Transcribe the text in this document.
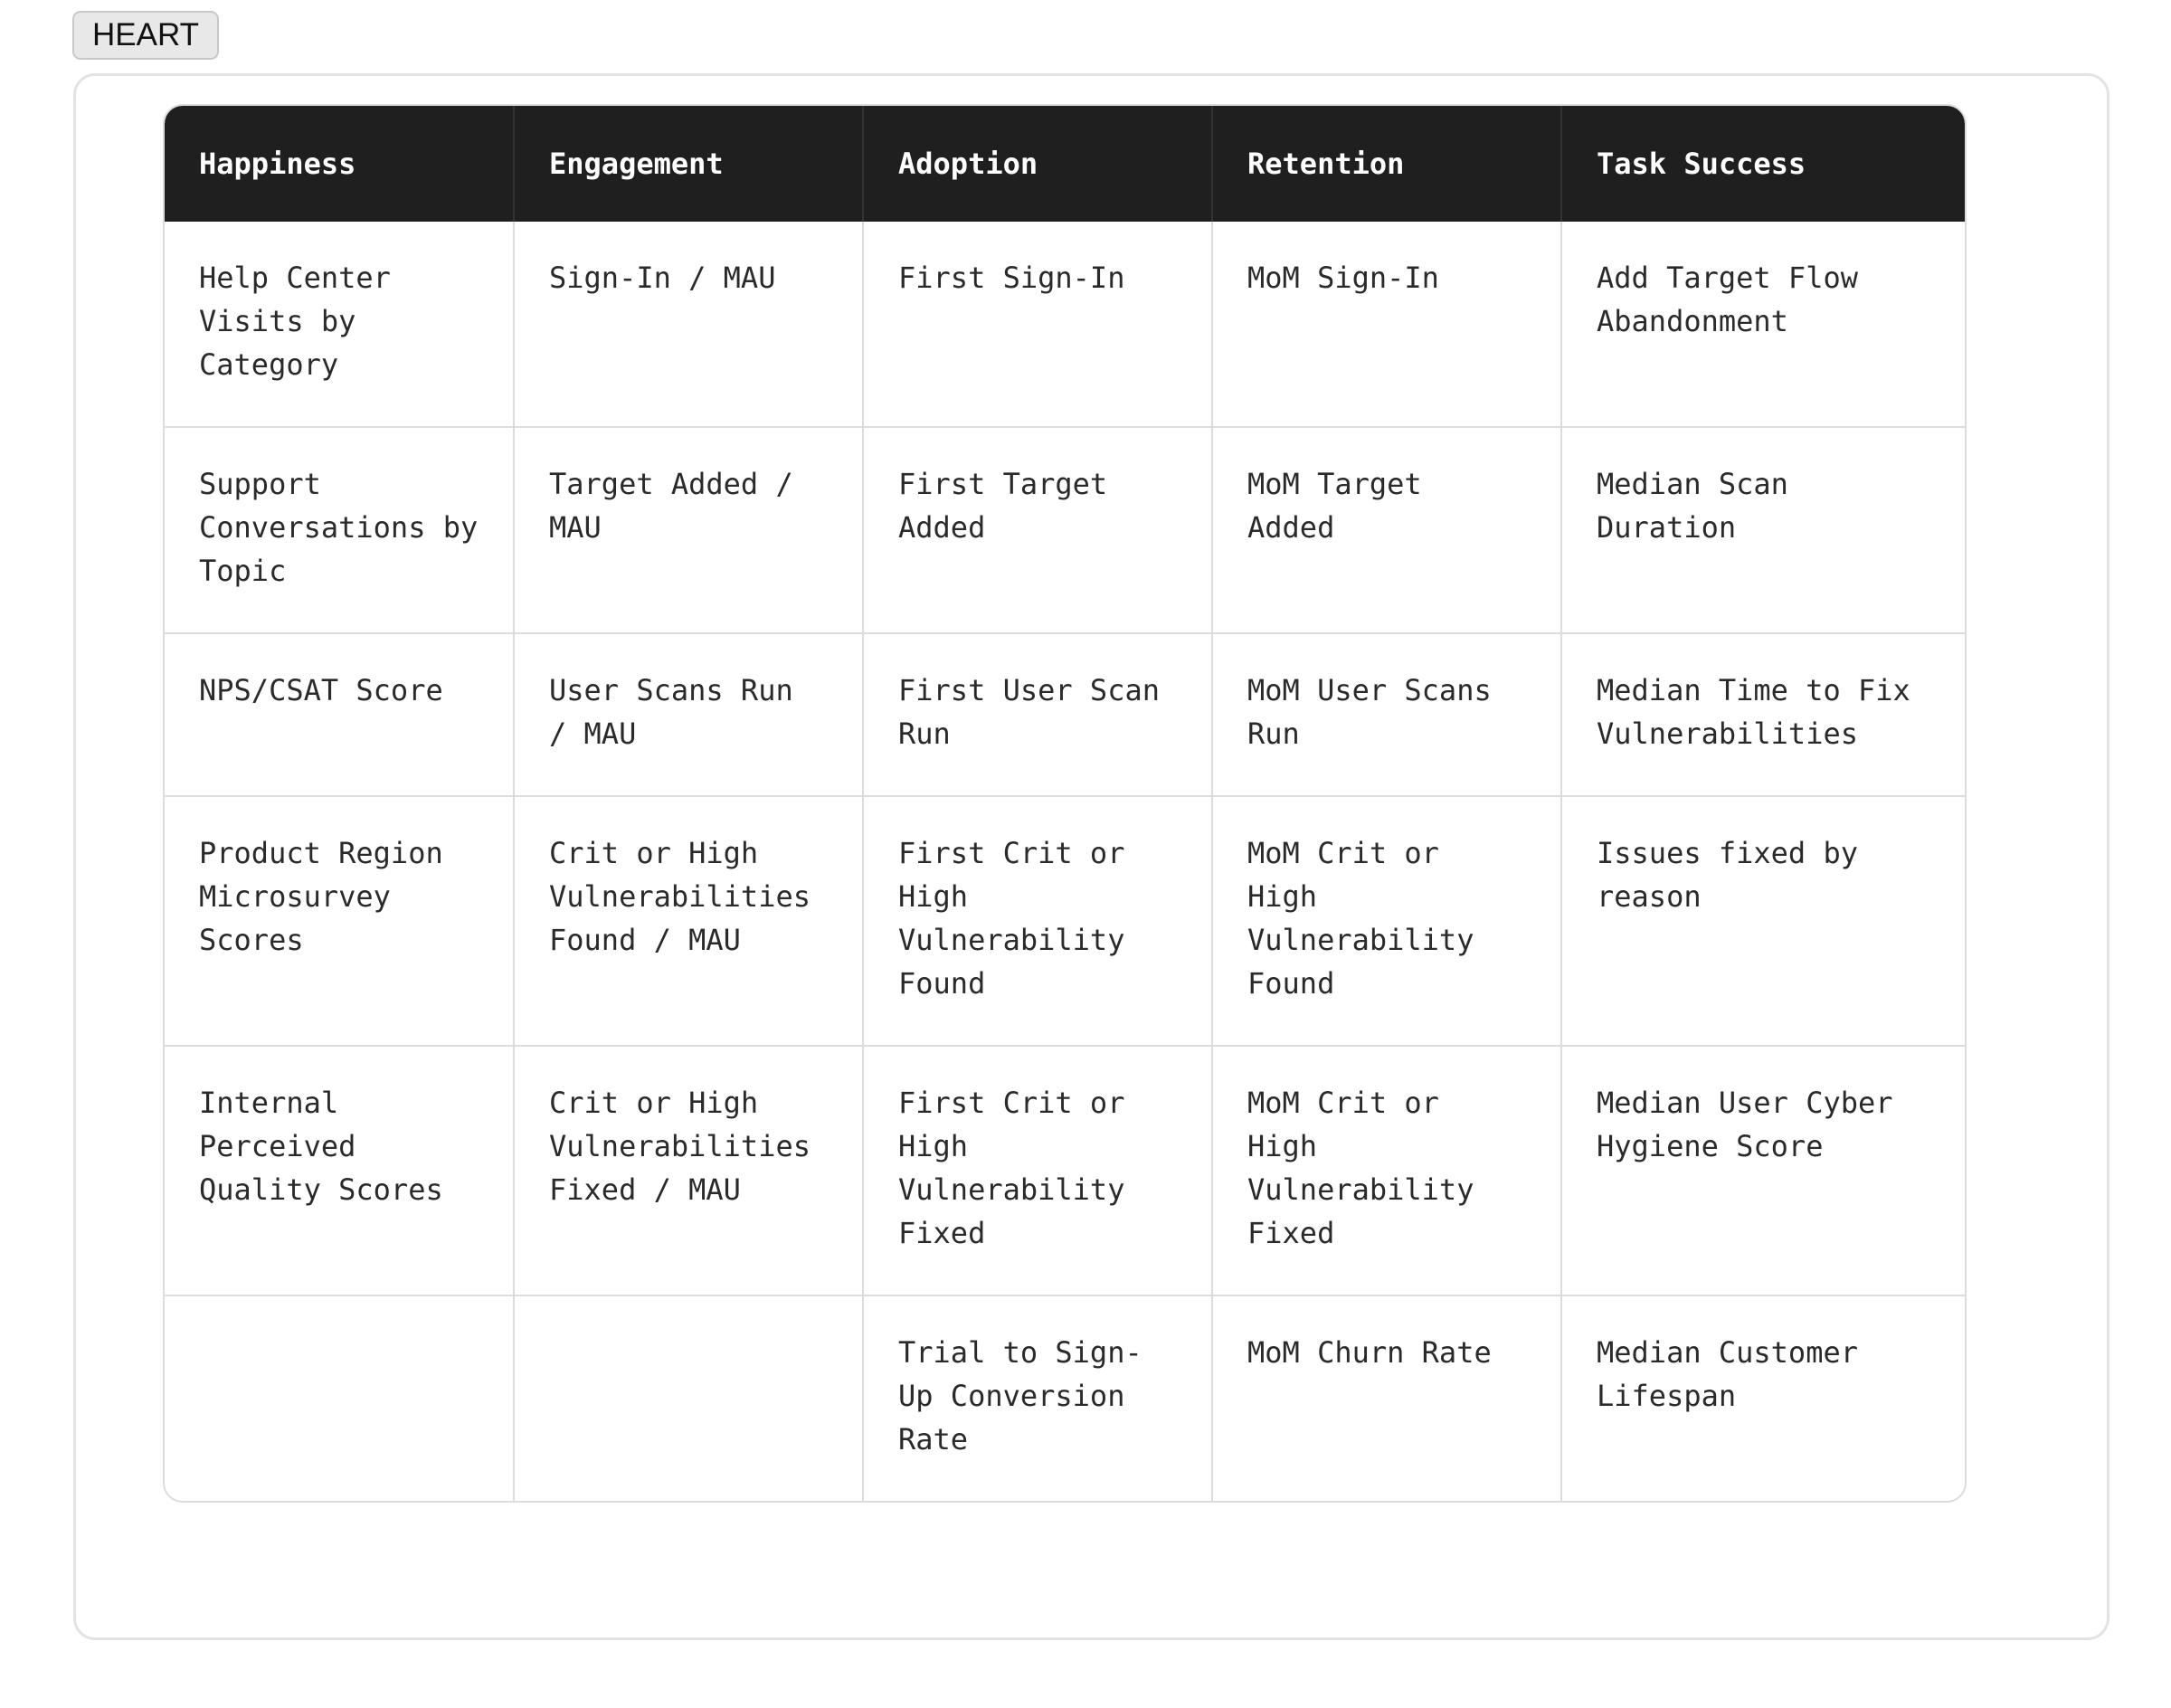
HEART
Happiness	Engagement	Adoption	Retention	Task Success
Help Center Visits by Category	Sign-In / MAU	First Sign-In	MoM Sign-In	Add Target Flow Abandonment
Support Conversations by Topic	Target Added / MAU	First Target Added	MoM Target Added	Median Scan Duration
NPS/CSAT Score	User Scans Run / MAU	First User Scan Run	MoM User Scans Run	Median Time to Fix Vulnerabilities
Product Region Microsurvey Scores	Crit or High Vulnerabilities Found / MAU	First Crit or High Vulnerability Found	MoM Crit or High Vulnerability Found	Issues fixed by reason
Internal Perceived Quality Scores	Crit or High Vulnerabilities Fixed / MAU	First Crit or High Vulnerability Fixed	MoM Crit or High Vulnerability Fixed	Median User Cyber Hygiene Score
		Trial to Sign-Up Conversion Rate	MoM Churn Rate	Median Customer Lifespan
